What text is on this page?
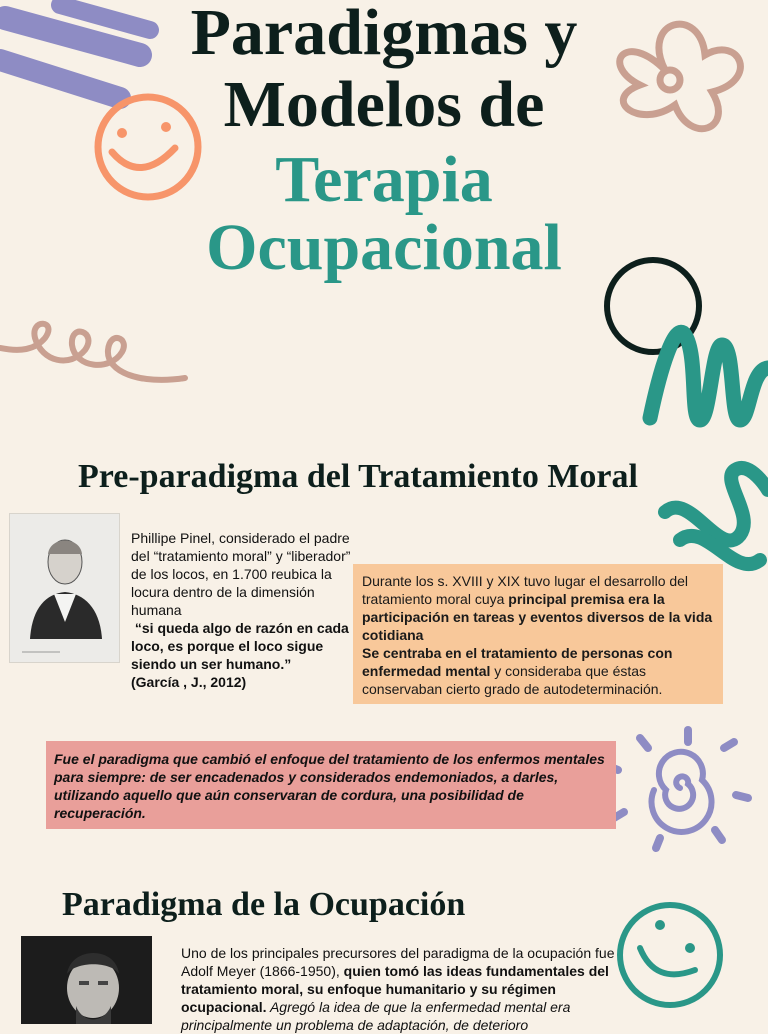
Paradigmas y
Modelos de
Terapia
Ocupacional
Pre-paradigma del Tratamiento Moral
Phillipe Pinel, considerado el padre del “tratamiento moral” y “liberador” de los locos, en 1.700 reubica la locura dentro de la dimensión humana
“si queda algo de razón en cada loco, es porque el loco sigue siendo un ser humano.”
(García , J., 2012)
Durante los s. XVIII y XIX tuvo lugar el desarrollo del tratamiento moral cuya principal premisa era la participación en tareas y eventos diversos de la vida cotidiana
Se centraba en el tratamiento de personas con enfermedad mental y consideraba que éstas conservaban cierto grado de autodeterminación.
Fue el paradigma que cambió el enfoque del tratamiento de los enfermos mentales para siempre: de ser encadenados y considerados endemoniados, a darles, utilizando aquello que aún conservaran de cordura, una posibilidad de recuperación.
Paradigma de la Ocupación
Uno de los principales precursores del paradigma de la ocupación fue Adolf Meyer (1866-1950), quien tomó las ideas fundamentales del tratamiento moral, su enfoque humanitario y su régimen ocupacional. Agregó la idea de que la enfermedad mental era principalmente un problema de adaptación, de deterioro
